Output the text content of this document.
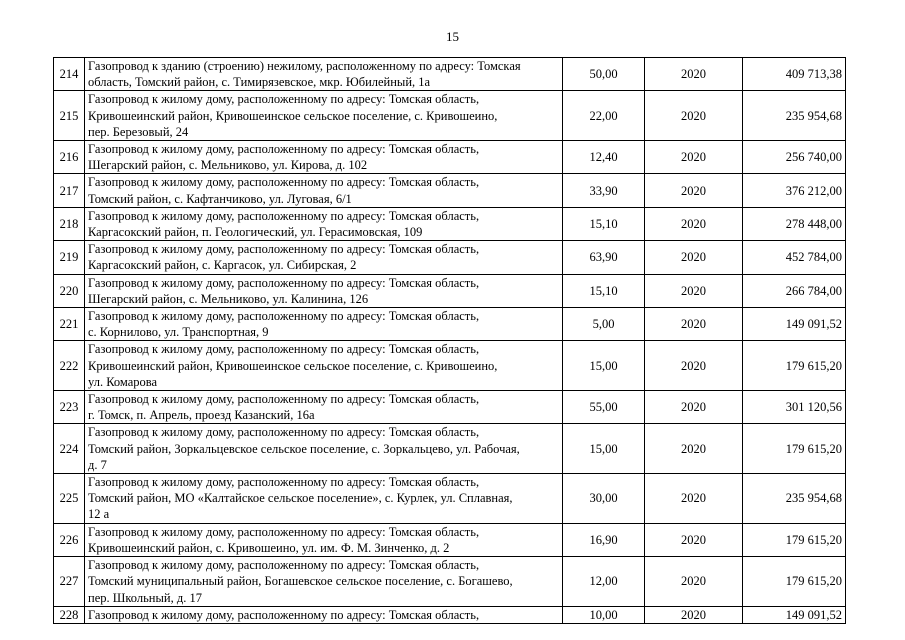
15
214	Газопровод к зданию (строению) нежилому, расположенному по адресу: Томская
область, Томский район, с. Тимирязевское, мкр. Юбилейный, 1а	50,00	2020	409 713,38
215	Газопровод к жилому дому, расположенному по адресу: Томская область,
Кривошеинский район, Кривошеинское сельское поселение, с. Кривошеино,
пер. Березовый, 24	22,00	2020	235 954,68
216	Газопровод к жилому дому, расположенному по адресу: Томская область,
Шегарский район, с. Мельниково, ул. Кирова, д. 102	12,40	2020	256 740,00
217	Газопровод к жилому дому, расположенному по адресу: Томская область,
Томский район, с. Кафтанчиково, ул. Луговая, 6/1	33,90	2020	376 212,00
218	Газопровод к жилому дому, расположенному по адресу: Томская область,
Каргасокский район, п. Геологический, ул. Герасимовская, 109	15,10	2020	278 448,00
219	Газопровод к жилому дому, расположенному по адресу: Томская область,
Каргасокский район, с. Каргасок, ул. Сибирская, 2	63,90	2020	452 784,00
220	Газопровод к жилому дому, расположенному по адресу: Томская область,
Шегарский район, с. Мельниково, ул. Калинина, 126	15,10	2020	266 784,00
221	Газопровод к жилому дому, расположенному по адресу: Томская область,
с. Корнилово, ул. Транспортная, 9	5,00	2020	149 091,52
222	Газопровод к жилому дому, расположенному по адресу: Томская область,
Кривошеинский район, Кривошеинское сельское поселение, с. Кривошеино,
ул. Комарова	15,00	2020	179 615,20
223	Газопровод к жилому дому, расположенному по адресу: Томская область,
г. Томск, п. Апрель, проезд Казанский, 16а	55,00	2020	301 120,56
224	Газопровод к жилому дому, расположенному по адресу: Томская область,
Томский район, Зоркальцевское сельское поселение, с. Зоркальцево, ул. Рабочая,
д. 7	15,00	2020	179 615,20
225	Газопровод к жилому дому, расположенному по адресу: Томская область,
Томский район, МО «Калтайское сельское поселение», с. Курлек, ул. Сплавная,
12 а	30,00	2020	235 954,68
226	Газопровод к жилому дому, расположенному по адресу: Томская область,
Кривошеинский район, с. Кривошеино, ул. им. Ф. М. Зинченко, д. 2	16,90	2020	179 615,20
227	Газопровод к жилому дому, расположенному по адресу: Томская область,
Томский муниципальный район, Богашевское сельское поселение, с. Богашево,
пер. Школьный, д. 17	12,00	2020	179 615,20
228	Газопровод к жилому дому, расположенному по адресу: Томская область,	10,00	2020	149 091,52
